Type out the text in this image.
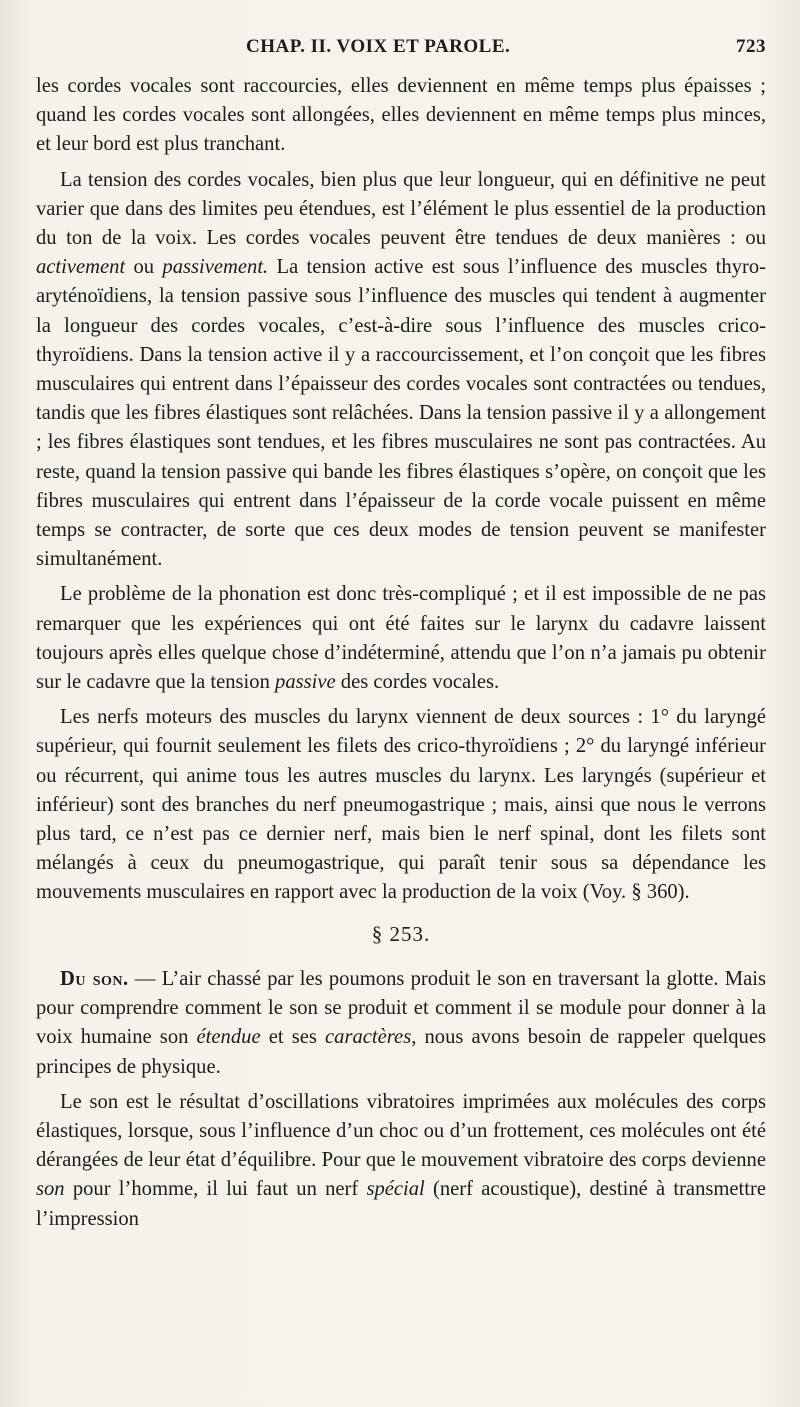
CHAP. II. VOIX ET PAROLE.	723

les cordes vocales sont raccourcies, elles deviennent en même temps plus épaisses ; quand les cordes vocales sont allongées, elles deviennent en même temps plus minces, et leur bord est plus tranchant.

La tension des cordes vocales, bien plus que leur longueur, qui en définitive ne peut varier que dans des limites peu étendues, est l’élément le plus essentiel de la production du ton de la voix. Les cordes vocales peuvent être tendues de deux manières : ou activement ou passivement. La tension active est sous l’influence des muscles thyro-aryténoïdiens, la tension passive sous l’influence des muscles qui tendent à augmenter la longueur des cordes vocales, c’est-à-dire sous l’influence des muscles crico-thyroïdiens. Dans la tension active il y a raccourcissement, et l’on conçoit que les fibres musculaires qui entrent dans l’épaisseur des cordes vocales sont contractées ou tendues, tandis que les fibres élastiques sont relâchées. Dans la tension passive il y a allongement ; les fibres élastiques sont tendues, et les fibres musculaires ne sont pas contractées. Au reste, quand la tension passive qui bande les fibres élastiques s’opère, on conçoit que les fibres musculaires qui entrent dans l’épaisseur de la corde vocale puissent en même temps se contracter, de sorte que ces deux modes de tension peuvent se manifester simultanément.

Le problème de la phonation est donc très-compliqué ; et il est impossible de ne pas remarquer que les expériences qui ont été faites sur le larynx du cadavre laissent toujours après elles quelque chose d’indéterminé, attendu que l’on n’a jamais pu obtenir sur le cadavre que la tension passive des cordes vocales.

Les nerfs moteurs des muscles du larynx viennent de deux sources : 1° du laryngé supérieur, qui fournit seulement les filets des crico-thyroïdiens ; 2° du laryngé inférieur ou récurrent, qui anime tous les autres muscles du larynx. Les laryngés (supérieur et inférieur) sont des branches du nerf pneumogastrique ; mais, ainsi que nous le verrons plus tard, ce n’est pas ce dernier nerf, mais bien le nerf spinal, dont les filets sont mélangés à ceux du pneumogastrique, qui paraît tenir sous sa dépendance les mouvements musculaires en rapport avec la production de la voix (Voy. § 360).

§ 253.

Du son. — L’air chassé par les poumons produit le son en traversant la glotte. Mais pour comprendre comment le son se produit et comment il se module pour donner à la voix humaine son étendue et ses caractères, nous avons besoin de rappeler quelques principes de physique.

Le son est le résultat d’oscillations vibratoires imprimées aux molécules des corps élastiques, lorsque, sous l’influence d’un choc ou d’un frottement, ces molécules ont été dérangées de leur état d’équilibre. Pour que le mouvement vibratoire des corps devienne son pour l’homme, il lui faut un nerf spécial (nerf acoustique), destiné à transmettre l’impression
